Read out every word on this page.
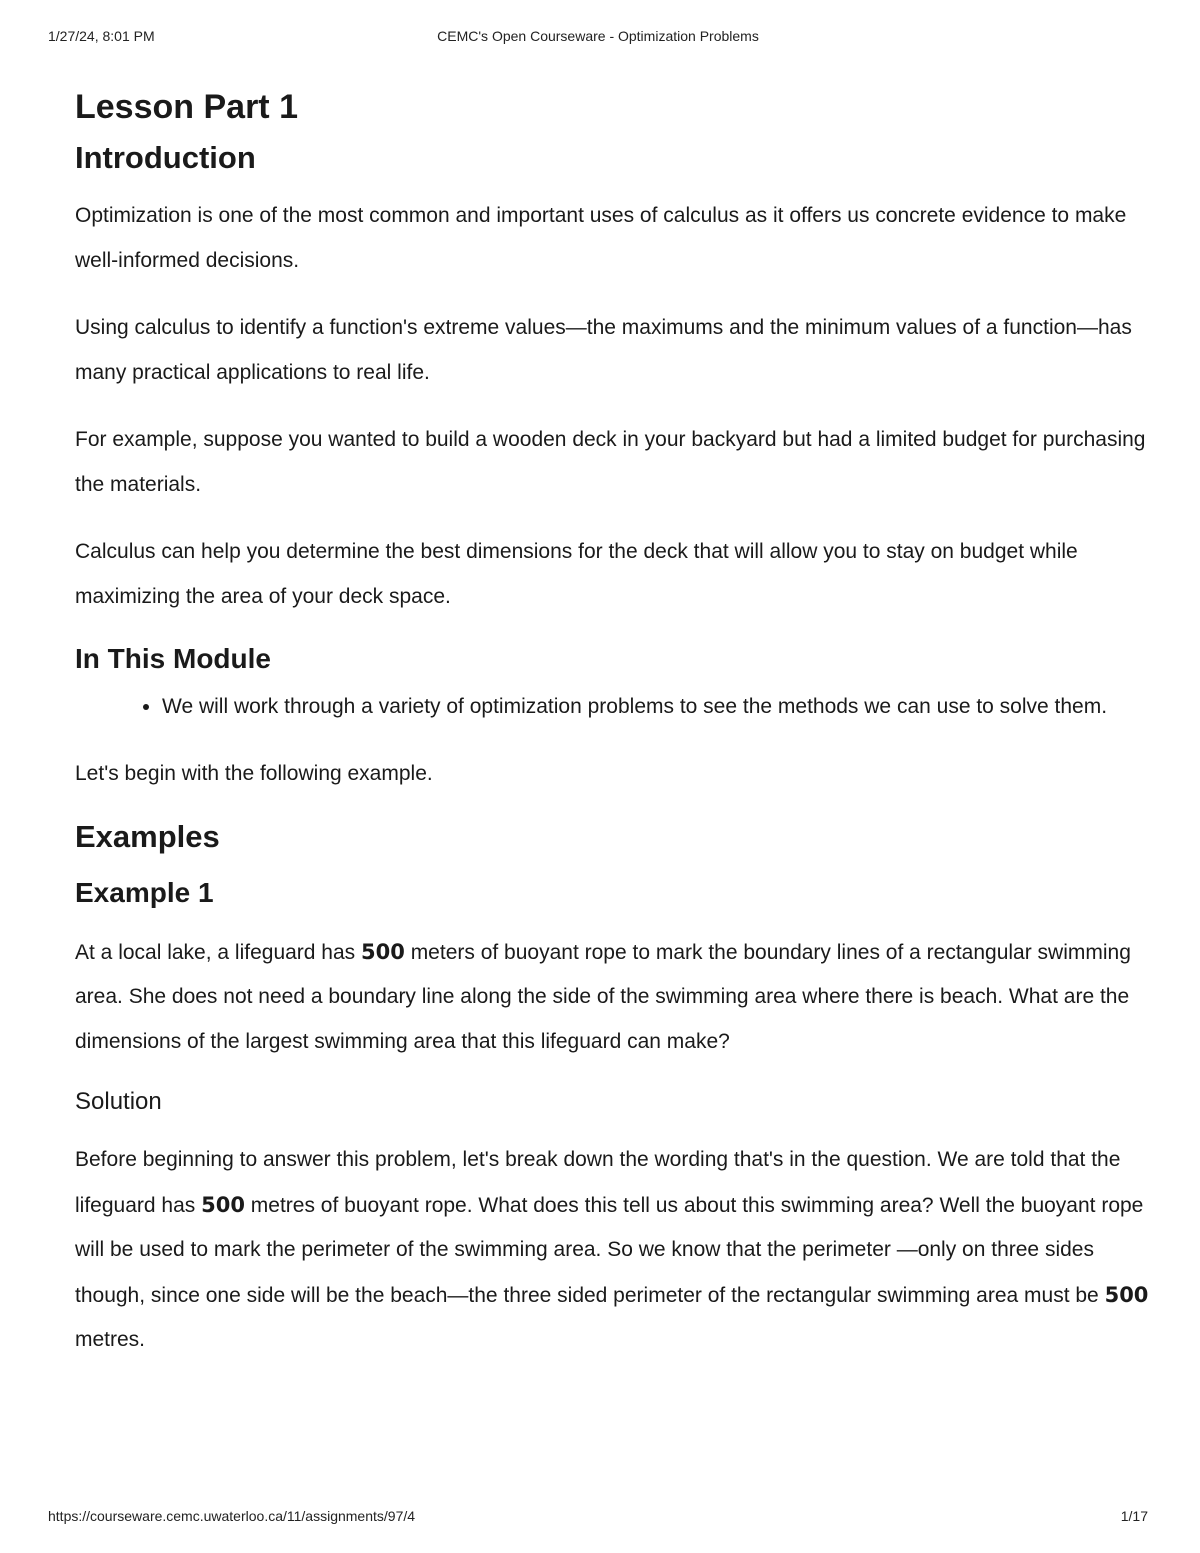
1/27/24, 8:01 PM	CEMC's Open Courseware - Optimization Problems
Lesson Part 1
Introduction

Optimization is one of the most common and important uses of calculus as it offers us concrete evidence to make well-informed decisions.

Using calculus to identify a function's extreme values—the maximums and the minimum values of a function—has many practical applications to real life.

For example, suppose you wanted to build a wooden deck in your backyard but had a limited budget for purchasing the materials.

Calculus can help you determine the best dimensions for the deck that will allow you to stay on budget while maximizing the area of your deck space.

In This Module
• We will work through a variety of optimization problems to see the methods we can use to solve them.

Let's begin with the following example.

Examples
Example 1

At a local lake, a lifeguard has 500 meters of buoyant rope to mark the boundary lines of a rectangular swimming area. She does not need a boundary line along the side of the swimming area where there is beach. What are the dimensions of the largest swimming area that this lifeguard can make?

Solution

Before beginning to answer this problem, let's break down the wording that's in the question. We are told that the lifeguard has 500 metres of buoyant rope. What does this tell us about this swimming area? Well the buoyant rope will be used to mark the perimeter of the swimming area. So we know that the perimeter —only on three sides though, since one side will be the beach—the three sided perimeter of the rectangular swimming area must be 500 metres.

https://courseware.cemc.uwaterloo.ca/11/assignments/97/4	1/17
